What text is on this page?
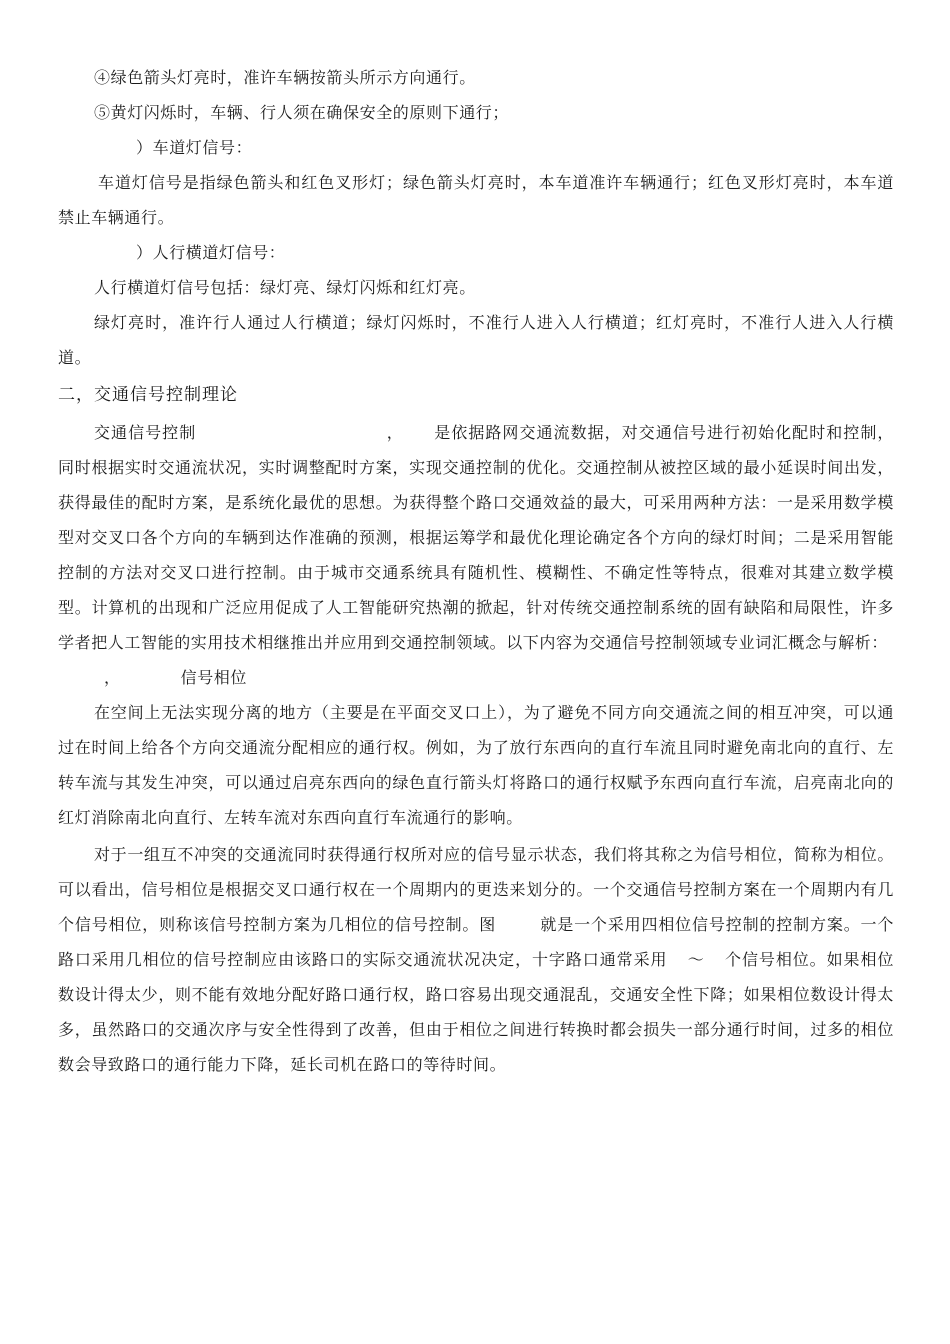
④绿色箭头灯亮时，准许车辆按箭头所示方向通行。

⑤黄灯闪烁时，车辆、行人须在确保安全的原则下通行；

）车道灯信号：

车道灯信号是指绿色箭头和红色叉形灯；绿色箭头灯亮时，本车道准许车辆通行；红色叉形灯亮时，本车道禁止车辆通行。

）人行横道灯信号：

人行横道灯信号包括：绿灯亮、绿灯闪烁和红灯亮。

绿灯亮时，准许行人通过人行横道；绿灯闪烁时，不准行人进入人行横道；红灯亮时，不准行人进入人行横道。

二，交通信号控制理论

交通信号控制	， 是依据路网交通流数据，对交通信号进行初始化配时和控制，同时根据实时交通流状况，实时调整配时方案，实现交通控制的优化。交通控制从被控区域的最小延误时间出发，获得最佳的配时方案，是系统化最优的思想。为获得整个路口交通效益的最大，可采用两种方法：一是采用数学模型对交叉口各个方向的车辆到达作准确的预测，根据运筹学和最优化理论确定各个方向的绿灯时间；二是采用智能控制的方法对交叉口进行控制。由于城市交通系统具有随机性、模糊性、不确定性等特点，很难对其建立数学模型。计算机的出现和广泛应用促成了人工智能研究热潮的掀起，针对传统交通控制系统的固有缺陷和局限性，许多学者把人工智能的实用技术相继推出并应用到交通控制领域。以下内容为交通信号控制领域专业词汇概念与解析：

，	信号相位

在空间上无法实现分离的地方（主要是在平面交叉口上），为了避免不同方向交通流之间的相互冲突，可以通过在时间上给各个方向交通流分配相应的通行权。例如，为了放行东西向的直行车流且同时避免南北向的直行、左转车流与其发生冲突，可以通过启亮东西向的绿色直行箭头灯将路口的通行权赋予东西向直行车流，启亮南北向的红灯消除南北向直行、左转车流对东西向直行车流通行的影响。

对于一组互不冲突的交通流同时获得通行权所对应的信号显示状态，我们将其称之为信号相位，简称为相位。可以看出，信号相位是根据交叉口通行权在一个周期内的更迭来划分的。一个交通信号控制方案在一个周期内有几个信号相位，则称该信号控制方案为几相位的信号控制。图	就是一个采用四相位信号控制的控制方案。一个路口采用几相位的信号控制应由该路口的实际交通流状况决定，十字路口通常采用 ～ 个信号相位。如果相位数设计得太少，则不能有效地分配好路口通行权，路口容易出现交通混乱，交通安全性下降；如果相位数设计得太多，虽然路口的交通次序与安全性得到了改善，但由于相位之间进行转换时都会损失一部分通行时间，过多的相位数会导致路口的通行能力下降，延长司机在路口的等待时间。
